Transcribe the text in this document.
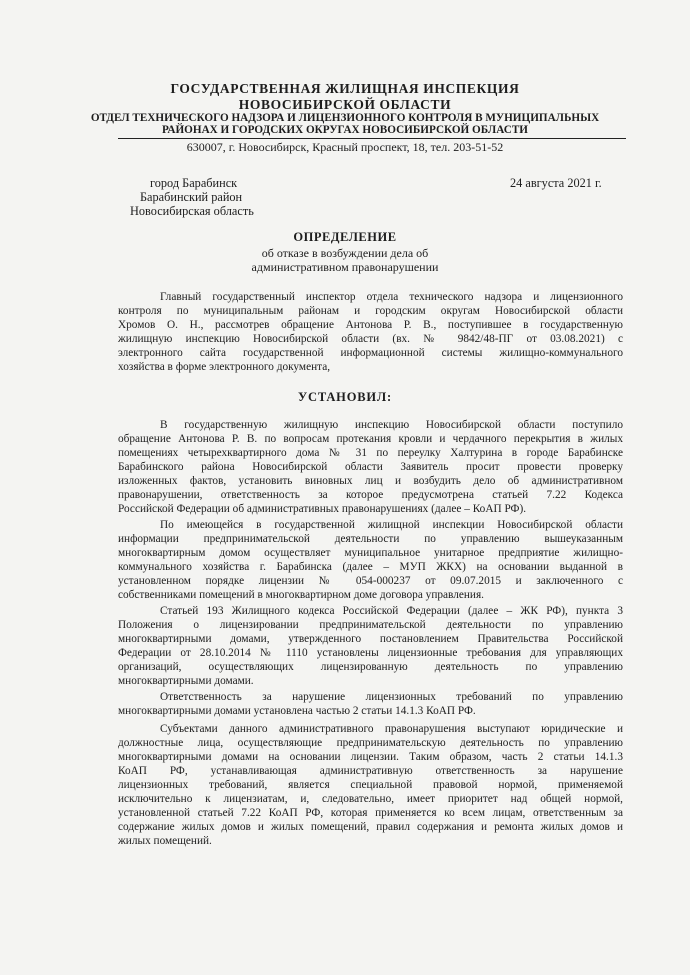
ГОСУДАРСТВЕННАЯ ЖИЛИЩНАЯ ИНСПЕКЦИЯ
НОВОСИБИРСКОЙ ОБЛАСТИ
ОТДЕЛ ТЕХНИЧЕСКОГО НАДЗОРА И ЛИЦЕНЗИОННОГО КОНТРОЛЯ В МУНИЦИПАЛЬНЫХ
РАЙОНАХ И ГОРОДСКИХ ОКРУГАХ НОВОСИБИРСКОЙ ОБЛАСТИ
630007, г. Новосибирск, Красный проспект, 18, тел. 203-51-52
город Барабинск
Барабинский район
Новосибирская область
24 августа 2021 г.
ОПРЕДЕЛЕНИЕ
об отказе в возбуждении дела об
административном правонарушении
Главный государственный инспектор отдела технического надзора и лицензионного
контроля по муниципальным районам и городским округам Новосибирской области
Хромов О. Н., рассмотрев обращение Антонова Р. В., поступившее в государственную
жилищную инспекцию Новосибирской области (вх. № 9842/48-ПГ от 03.08.2021) с
электронного сайта государственной информационной системы жилищно-коммунального
хозяйства в форме электронного документа,
УСТАНОВИЛ:
В государственную жилищную инспекцию Новосибирской области поступило
обращение Антонова Р. В. по вопросам протекания кровли и чердачного перекрытия в жилых
помещениях четырехквартирного дома № 31 по переулку Халтурина в городе Барабинске
Барабинского района Новосибирской области Заявитель просит провести проверку
изложенных фактов, установить виновных лиц и возбудить дело об административном
правонарушении, ответственность за которое предусмотрена статьей 7.22 Кодекса
Российской Федерации об административных правонарушениях (далее – КоАП РФ).
По имеющейся в государственной жилищной инспекции Новосибирской области
информации предпринимательской деятельности по управлению вышеуказанным
многоквартирным домом осуществляет муниципальное унитарное предприятие жилищно-
коммунального хозяйства г. Барабинска (далее – МУП ЖКХ) на основании выданной в
установленном порядке лицензии № 054-000237 от 09.07.2015 и заключенного с
собственниками помещений в многоквартирном доме договора управления.
Статьей 193 Жилищного кодекса Российской Федерации (далее – ЖК РФ), пункта 3
Положения о лицензировании предпринимательской деятельности по управлению
многоквартирными домами, утвержденного постановлением Правительства Российской
Федерации от 28.10.2014 № 1110 установлены лицензионные требования для управляющих
организаций, осуществляющих лицензированную деятельность по управлению
многоквартирными домами.
Ответственность за нарушение лицензионных требований по управлению
многоквартирными домами установлена частью 2 статьи 14.1.3 КоАП РФ.
Субъектами данного административного правонарушения выступают юридические и
должностные лица, осуществляющие предпринимательскую деятельность по управлению
многоквартирными домами на основании лицензии. Таким образом, часть 2 статьи 14.1.3
КоАП РФ, устанавливающая административную ответственность за нарушение
лицензионных требований, является специальной правовой нормой, применяемой
исключительно к лицензиатам, и, следовательно, имеет приоритет над общей нормой,
установленной статьей 7.22 КоАП РФ, которая применяется ко всем лицам, ответственным за
содержание жилых домов и жилых помещений, правил содержания и ремонта жилых домов и
жилых помещений.
